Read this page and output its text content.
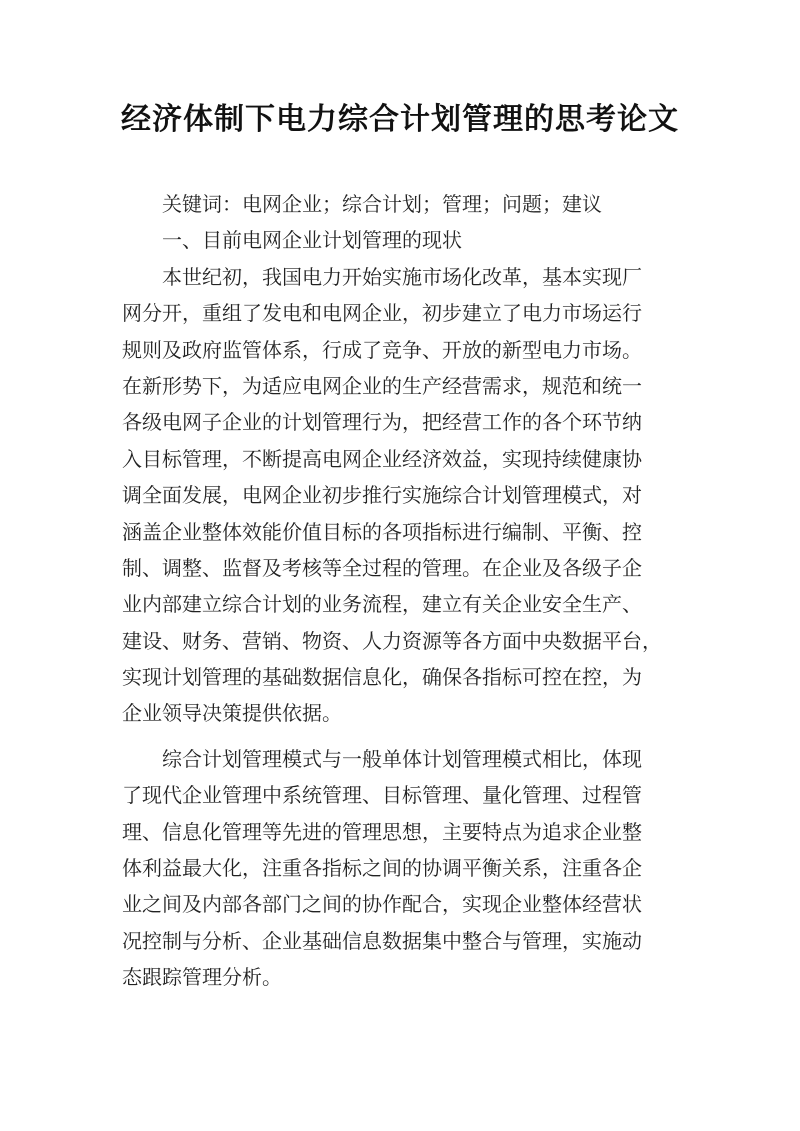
经济体制下电力综合计划管理的思考论文
关键词：电网企业；综合计划；管理；问题；建议
一、目前电网企业计划管理的现状
本世纪初，我国电力开始实施市场化改革，基本实现厂
网分开，重组了发电和电网企业，初步建立了电力市场运行
规则及政府监管体系，行成了竞争、开放的新型电力市场。
在新形势下，为适应电网企业的生产经营需求，规范和统一
各级电网子企业的计划管理行为，把经营工作的各个环节纳
入目标管理，不断提高电网企业经济效益，实现持续健康协
调全面发展，电网企业初步推行实施综合计划管理模式，对
涵盖企业整体效能价值目标的各项指标进行编制、平衡、控
制、调整、监督及考核等全过程的管理。在企业及各级子企
业内部建立综合计划的业务流程，建立有关企业安全生产、
建设、财务、营销、物资、人力资源等各方面中央数据平台，
实现计划管理的基础数据信息化，确保各指标可控在控，为
企业领导决策提供依据。
综合计划管理模式与一般单体计划管理模式相比，体现
了现代企业管理中系统管理、目标管理、量化管理、过程管
理、信息化管理等先进的管理思想，主要特点为追求企业整
体利益最大化，注重各指标之间的协调平衡关系，注重各企
业之间及内部各部门之间的协作配合，实现企业整体经营状
况控制与分析、企业基础信息数据集中整合与管理，实施动
态跟踪管理分析。
